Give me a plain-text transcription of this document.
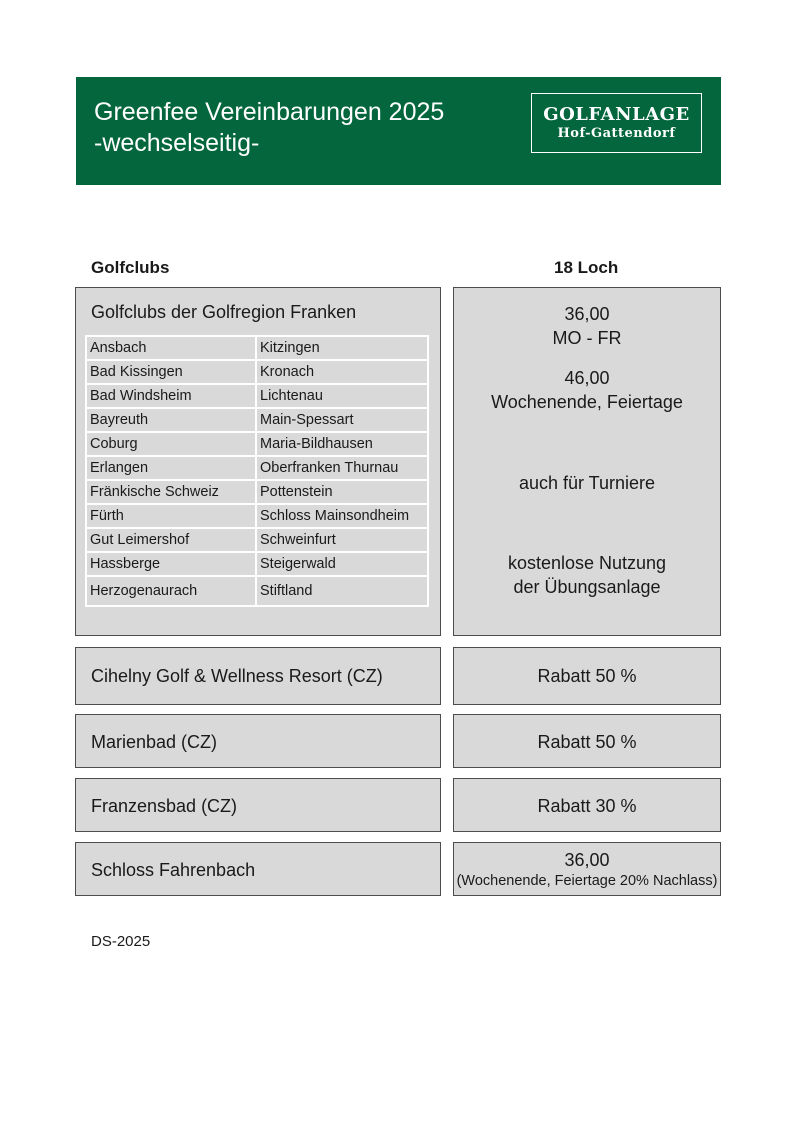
Greenfee Vereinbarungen 2025
-wechselseitig-
GOLFANLAGE
Hof-Gattendorf
Golfclubs	18 Loch
Golfclubs der Golfregion Franken
Ansbach	Kitzingen
Bad Kissingen	Kronach
Bad Windsheim	Lichtenau
Bayreuth	Main-Spessart
Coburg	Maria-Bildhausen
Erlangen	Oberfranken Thurnau
Fränkische Schweiz	Pottenstein
Fürth	Schloss Mainsondheim
Gut Leimershof	Schweinfurt
Hassberge	Steigerwald
Herzogenaurach	Stiftland
36,00
MO - FR
46,00
Wochenende, Feiertage
auch für Turniere
kostenlose Nutzung
der Übungsanlage
Cihelny Golf & Wellness Resort (CZ)	Rabatt 50 %
Marienbad (CZ)	Rabatt 50 %
Franzensbad (CZ)	Rabatt 30 %
Schloss Fahrenbach	36,00
(Wochenende, Feiertage 20% Nachlass)
DS-2025
